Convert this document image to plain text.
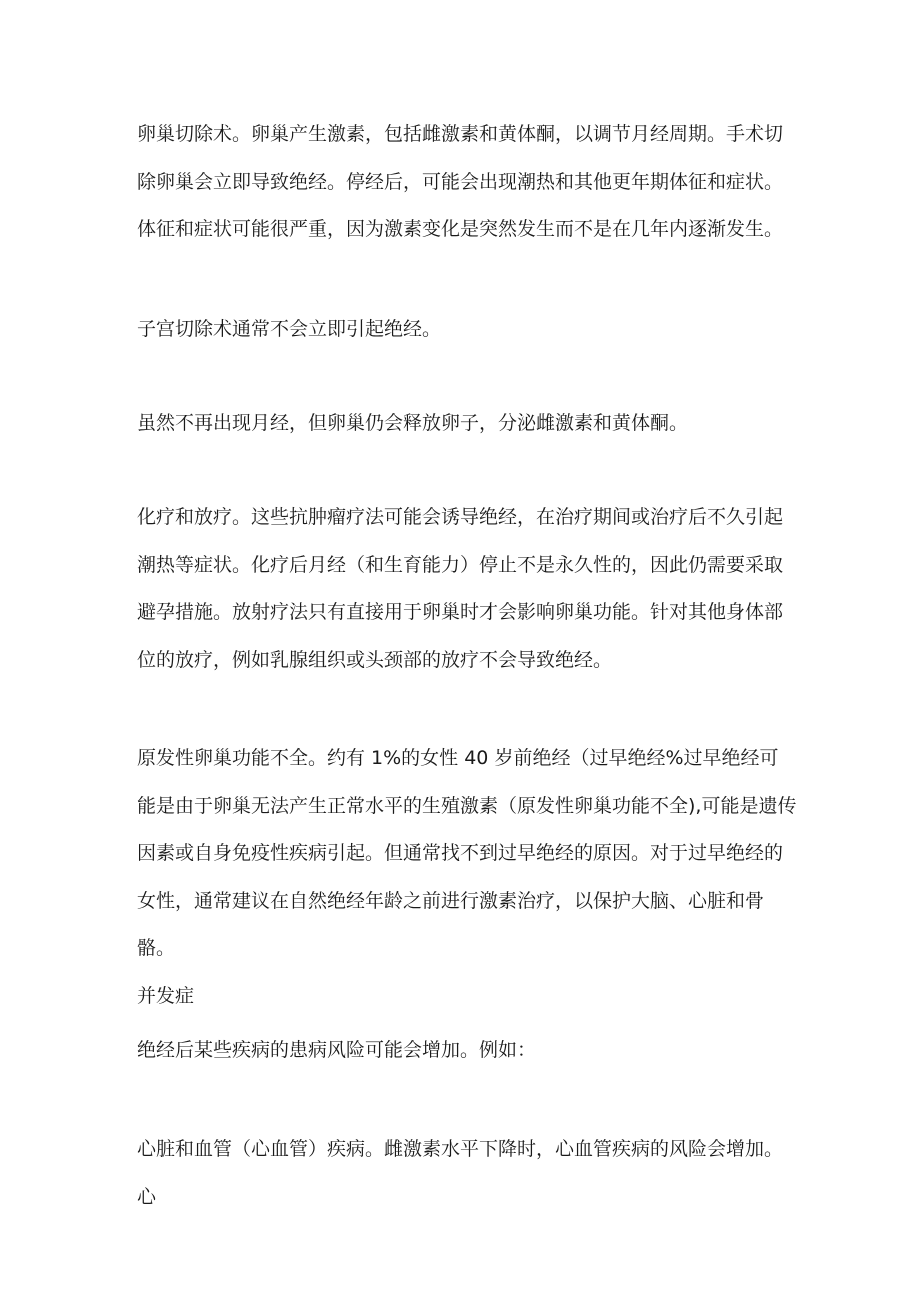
卵巢切除术。卵巢产生激素，包括雌激素和黄体酮，以调节月经周期。手术切除卵巢会立即导致绝经。停经后，可能会出现潮热和其他更年期体征和症状。体征和症状可能很严重，因为激素变化是突然发生而不是在几年内逐渐发生。

子宫切除术通常不会立即引起绝经。

虽然不再出现月经，但卵巢仍会释放卵子，分泌雌激素和黄体酮。

化疗和放疗。这些抗肿瘤疗法可能会诱导绝经，在治疗期间或治疗后不久引起潮热等症状。化疗后月经（和生育能力）停止不是永久性的，因此仍需要采取避孕措施。放射疗法只有直接用于卵巢时才会影响卵巢功能。针对其他身体部位的放疗，例如乳腺组织或头颈部的放疗不会导致绝经。

原发性卵巢功能不全。约有 1%的女性 40 岁前绝经（过早绝经%过早绝经可能是由于卵巢无法产生正常水平的生殖激素（原发性卵巢功能不全),可能是遗传因素或自身免疫性疾病引起。但通常找不到过早绝经的原因。对于过早绝经的女性，通常建议在自然绝经年龄之前进行激素治疗，以保护大脑、心脏和骨骼。

并发症

绝经后某些疾病的患病风险可能会增加。例如：

心脏和血管（心血管）疾病。雌激素水平下降时，心血管疾病的风险会增加。心
